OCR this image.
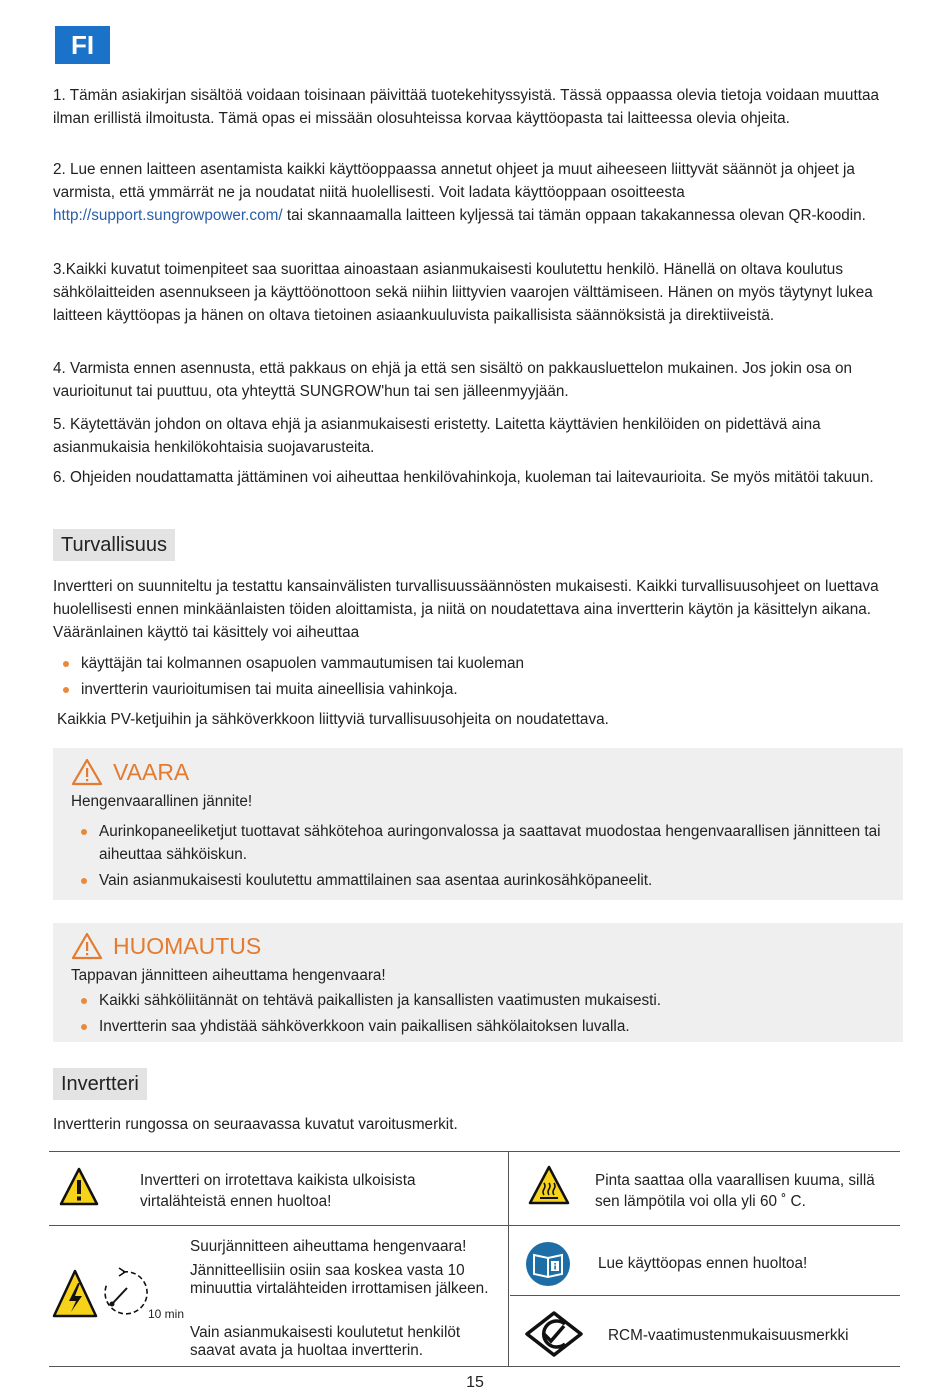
FI

1. Tämän asiakirjan sisältöä voidaan toisinaan päivittää tuotekehityssyistä. Tässä oppaassa olevia tietoja voidaan muuttaa ilman erillistä ilmoitusta. Tämä opas ei missään olosuhteissa korvaa käyttöopasta tai laitteessa olevia ohjeita.

2. Lue ennen laitteen asentamista kaikki käyttöoppaassa annetut ohjeet ja muut aiheeseen liittyvät säännöt ja ohjeet ja varmista, että ymmärrät ne ja noudatat niitä huolellisesti. Voit ladata käyttöoppaan osoitteesta http://support.sungrowpower.com/ tai skannaamalla laitteen kyljessä tai tämän oppaan takakannessa olevan QR-koodin.

3.Kaikki kuvatut toimenpiteet saa suorittaa ainoastaan asianmukaisesti koulutettu henkilö. Hänellä on oltava koulutus sähkölaitteiden asennukseen ja käyttöönottoon sekä niihin liittyvien vaarojen välttämiseen. Hänen on myös täytynyt lukea laitteen käyttöopas ja hänen on oltava tietoinen asiaankuuluvista paikallisista säännöksistä ja direktiiveistä.

4. Varmista ennen asennusta, että pakkaus on ehjä ja että sen sisältö on pakkausluettelon mukainen. Jos jokin osa on vaurioitunut tai puuttuu, ota yhteyttä SUNGROW'hun tai sen jälleenmyyjään.

5. Käytettävän johdon on oltava ehjä ja asianmukaisesti eristetty. Laitetta käyttävien henkilöiden on pidettävä aina asianmukaisia henkilökohtaisia suojavarusteita.

6. Ohjeiden noudattamatta jättäminen voi aiheuttaa henkilövahinkoja, kuoleman tai laitevaurioita. Se myös mitätöi takuun.

Turvallisuus

Invertteri on suunniteltu ja testattu kansainvälisten turvallisuussäännösten mukaisesti. Kaikki turvallisuusohjeet on luettava huolellisesti ennen minkäänlaisten töiden aloittamista, ja niitä on noudatettava aina invertterin käytön ja käsittelyn aikana. Vääränlainen käyttö tai käsittely voi aiheuttaa

käyttäjän tai kolmannen osapuolen vammautumisen tai kuoleman
invertterin vaurioitumisen tai muita aineellisia vahinkoja.

Kaikkia PV-ketjuihin ja sähköverkkoon liittyviä turvallisuusohjeita on noudatettava.

VAARA
Hengenvaarallinen jännite!
Aurinkopaneeliketjut tuottavat sähkötehoa auringonvalossa ja saattavat muodostaa hengenvaarallisen jännitteen tai aiheuttaa sähköiskun.
Vain asianmukaisesti koulutettu ammattilainen saa asentaa aurinkosähköpaneelit.
HUOMAUTUS
Tappavan jännitteen aiheuttama hengenvaara!
Kaikki sähköliitännät on tehtävä paikallisten ja kansallisten vaatimusten mukaisesti.
Invertterin saa yhdistää sähköverkkoon vain paikallisen sähkölaitoksen luvalla.
Invertteri

Invertterin rungossa on seuraavassa kuvatut varoitusmerkit.

Invertteri on irrotettava kaikista ulkoisista virtalähteistä ennen huoltoa!
Pinta saattaa olla vaarallisen kuuma, sillä sen lämpötila voi olla yli 60 ˚ C.
10 min
Suurjännitteen aiheuttama hengenvaara!
Jännitteellisiin osiin saa koskea vasta 10 minuuttia virtalähteiden irrottamisen jälkeen.
Vain asianmukaisesti koulutetut henkilöt saavat avata ja huoltaa invertterin.
Lue käyttöopas ennen huoltoa!
RCM-vaatimustenmukaisuusmerkki
15
